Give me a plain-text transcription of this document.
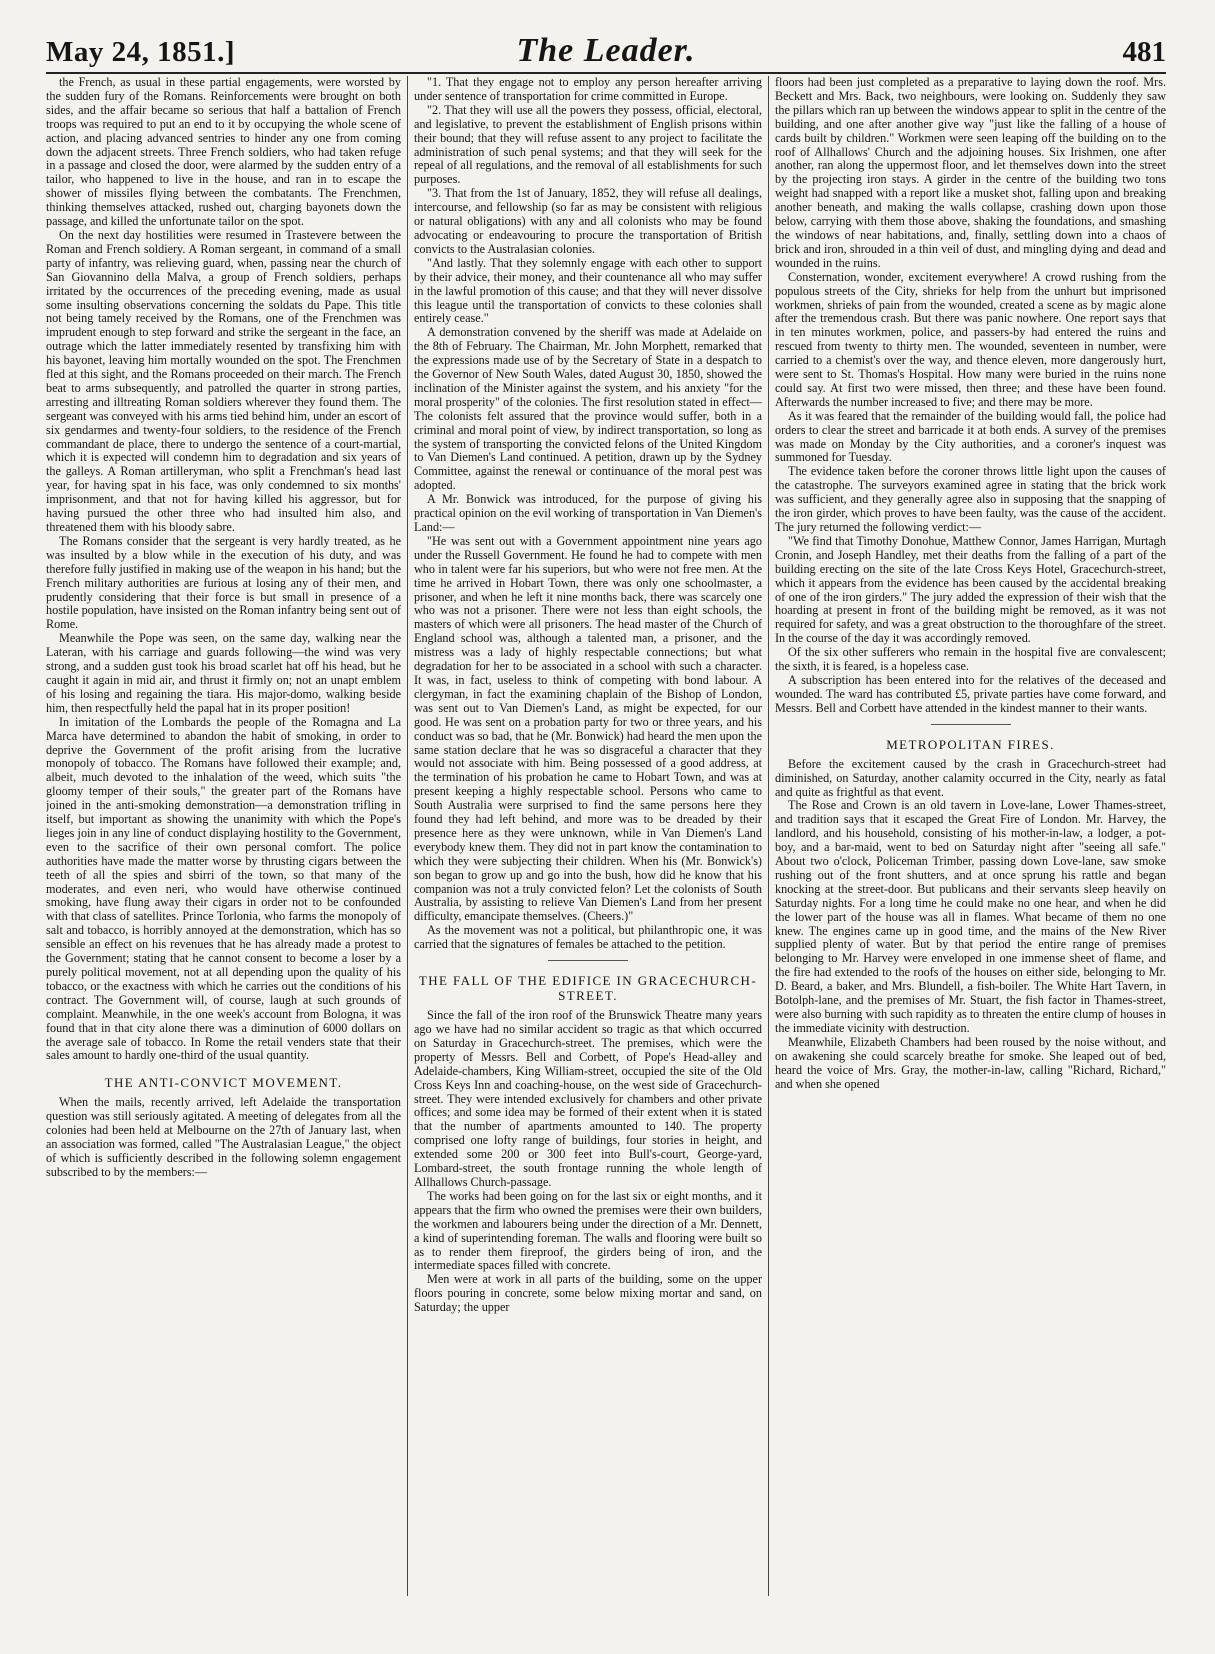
May 24, 1851.]	The Leader.	481

the French, as usual in these partial engagements, were worsted by the sudden fury of the Romans. Reinforcements were brought on both sides, and the affair became so serious that half a battalion of French troops was required to put an end to it by occupying the whole scene of action, and placing advanced sentries to hinder any one from coming down the adjacent streets. Three French soldiers, who had taken refuge in a passage and closed the door, were alarmed by the sudden entry of a tailor, who happened to live in the house, and ran in to escape the shower of missiles flying between the combatants. The Frenchmen, thinking themselves attacked, rushed out, charging bayonets down the passage, and killed the unfortunate tailor on the spot.

On the next day hostilities were resumed in Trastevere between the Roman and French soldiery. A Roman sergeant, in command of a small party of infantry, was relieving guard, when, passing near the church of San Giovannino della Malva, a group of French soldiers, perhaps irritated by the occurrences of the preceding evening, made as usual some insulting observations concerning the soldats du Pape. This title not being tamely received by the Romans, one of the Frenchmen was imprudent enough to step forward and strike the sergeant in the face, an outrage which the latter immediately resented by transfixing him with his bayonet, leaving him mortally wounded on the spot. The Frenchmen fled at this sight, and the Romans proceeded on their march. The French beat to arms subsequently, and patrolled the quarter in strong parties, arresting and illtreating Roman soldiers wherever they found them. The sergeant was conveyed with his arms tied behind him, under an escort of six gendarmes and twenty-four soldiers, to the residence of the French commandant de place, there to undergo the sentence of a court-martial, which it is expected will condemn him to degradation and six years of the galleys. A Roman artilleryman, who split a Frenchman's head last year, for having spat in his face, was only condemned to six months' imprisonment, and that not for having killed his aggressor, but for having pursued the other three who had insulted him also, and threatened them with his bloody sabre.

The Romans consider that the sergeant is very hardly treated, as he was insulted by a blow while in the execution of his duty, and was therefore fully justified in making use of the weapon in his hand; but the French military authorities are furious at losing any of their men, and prudently considering that their force is but small in presence of a hostile population, have insisted on the Roman infantry being sent out of Rome.

Meanwhile the Pope was seen, on the same day, walking near the Lateran, with his carriage and guards following—the wind was very strong, and a sudden gust took his broad scarlet hat off his head, but he caught it again in mid air, and thrust it firmly on; not an unapt emblem of his losing and regaining the tiara. His major-domo, walking beside him, then respectfully held the papal hat in its proper position!

In imitation of the Lombards the people of the Romagna and La Marca have determined to abandon the habit of smoking, in order to deprive the Government of the profit arising from the lucrative monopoly of tobacco. The Romans have followed their example; and, albeit, much devoted to the inhalation of the weed, which suits "the gloomy temper of their souls," the greater part of the Romans have joined in the anti-smoking demonstration—a demonstration trifling in itself, but important as showing the unanimity with which the Pope's lieges join in any line of conduct displaying hostility to the Government, even to the sacrifice of their own personal comfort. The police authorities have made the matter worse by thrusting cigars between the teeth of all the spies and sbirri of the town, so that many of the moderates, and even neri, who would have otherwise continued smoking, have flung away their cigars in order not to be confounded with that class of satellites. Prince Torlonia, who farms the monopoly of salt and tobacco, is horribly annoyed at the demonstration, which has so sensible an effect on his revenues that he has already made a protest to the Government; stating that he cannot consent to become a loser by a purely political movement, not at all depending upon the quality of his tobacco, or the exactness with which he carries out the conditions of his contract. The Government will, of course, laugh at such grounds of complaint. Meanwhile, in the one week's account from Bologna, it was found that in that city alone there was a diminution of 6000 dollars on the average sale of tobacco. In Rome the retail venders state that their sales amount to hardly one-third of the usual quantity.

THE ANTI-CONVICT MOVEMENT.

When the mails, recently arrived, left Adelaide the transportation question was still seriously agitated. A meeting of delegates from all the colonies had been held at Melbourne on the 27th of January last, when an association was formed, called "The Australasian League," the object of which is sufficiently described in the following solemn engagement subscribed to by the members:—

"1. That they engage not to employ any person hereafter arriving under sentence of transportation for crime committed in Europe.

"2. That they will use all the powers they possess, official, electoral, and legislative, to prevent the establishment of English prisons within their bound; that they will refuse assent to any project to facilitate the administration of such penal systems; and that they will seek for the repeal of all regulations, and the removal of all establishments for such purposes.

"3. That from the 1st of January, 1852, they will refuse all dealings, intercourse, and fellowship (so far as may be consistent with religious or natural obligations) with any and all colonists who may be found advocating or endeavouring to procure the transportation of British convicts to the Australasian colonies.

"And lastly. That they solemnly engage with each other to support by their advice, their money, and their countenance all who may suffer in the lawful promotion of this cause; and that they will never dissolve this league until the transportation of convicts to these colonies shall entirely cease."

A demonstration convened by the sheriff was made at Adelaide on the 8th of February. The Chairman, Mr. John Morphett, remarked that the expressions made use of by the Secretary of State in a despatch to the Governor of New South Wales, dated August 30, 1850, showed the inclination of the Minister against the system, and his anxiety "for the moral prosperity" of the colonies. The first resolution stated in effect—The colonists felt assured that the province would suffer, both in a criminal and moral point of view, by indirect transportation, so long as the system of transporting the convicted felons of the United Kingdom to Van Diemen's Land continued. A petition, drawn up by the Sydney Committee, against the renewal or continuance of the moral pest was adopted.

A Mr. Bonwick was introduced, for the purpose of giving his practical opinion on the evil working of transportation in Van Diemen's Land:—

"He was sent out with a Government appointment nine years ago under the Russell Government. He found he had to compete with men who in talent were far his superiors, but who were not free men. At the time he arrived in Hobart Town, there was only one schoolmaster, a prisoner, and when he left it nine months back, there was scarcely one who was not a prisoner. There were not less than eight schools, the masters of which were all prisoners. The head master of the Church of England school was, although a talented man, a prisoner, and the mistress was a lady of highly respectable connections; but what degradation for her to be associated in a school with such a character. It was, in fact, useless to think of competing with bond labour. A clergyman, in fact the examining chaplain of the Bishop of London, was sent out to Van Diemen's Land, as might be expected, for our good. He was sent on a probation party for two or three years, and his conduct was so bad, that he (Mr. Bonwick) had heard the men upon the same station declare that he was so disgraceful a character that they would not associate with him. Being possessed of a good address, at the termination of his probation he came to Hobart Town, and was at present keeping a highly respectable school. Persons who came to South Australia were surprised to find the same persons here they found they had left behind, and more was to be dreaded by their presence here as they were unknown, while in Van Diemen's Land everybody knew them. They did not in part know the contamination to which they were subjecting their children. When his (Mr. Bonwick's) son began to grow up and go into the bush, how did he know that his companion was not a truly convicted felon? Let the colonists of South Australia, by assisting to relieve Van Diemen's Land from her present difficulty, emancipate themselves. (Cheers.)"

As the movement was not a political, but philanthropic one, it was carried that the signatures of females be attached to the petition.

THE FALL OF THE EDIFICE IN GRACECHURCH-STREET.

Since the fall of the iron roof of the Brunswick Theatre many years ago we have had no similar accident so tragic as that which occurred on Saturday in Gracechurch-street. The premises, which were the property of Messrs. Bell and Corbett, of Pope's Head-alley and Adelaide-chambers, King William-street, occupied the site of the Old Cross Keys Inn and coaching-house, on the west side of Gracechurch-street. They were intended exclusively for chambers and other private offices; and some idea may be formed of their extent when it is stated that the number of apartments amounted to 140. The property comprised one lofty range of buildings, four stories in height, and extended some 200 or 300 feet into Bull's-court, George-yard, Lombard-street, the south frontage running the whole length of Allhallows Church-passage.

The works had been going on for the last six or eight months, and it appears that the firm who owned the premises were their own builders, the workmen and labourers being under the direction of a Mr. Dennett, a kind of superintending foreman. The walls and flooring were built so as to render them fireproof, the girders being of iron, and the intermediate spaces filled with concrete.

Men were at work in all parts of the building, some on the upper floors pouring in concrete, some below mixing mortar and sand, on Saturday; the upper

floors had been just completed as a preparative to laying down the roof. Mrs. Beckett and Mrs. Back, two neighbours, were looking on. Suddenly they saw the pillars which ran up between the windows appear to split in the centre of the building, and one after another give way "just like the falling of a house of cards built by children." Workmen were seen leaping off the building on to the roof of Allhallows' Church and the adjoining houses. Six Irishmen, one after another, ran along the uppermost floor, and let themselves down into the street by the projecting iron stays. A girder in the centre of the building two tons weight had snapped with a report like a musket shot, falling upon and breaking another beneath, and making the walls collapse, crashing down upon those below, carrying with them those above, shaking the foundations, and smashing the windows of near habitations, and, finally, settling down into a chaos of brick and iron, shrouded in a thin veil of dust, and mingling dying and dead and wounded in the ruins.

Consternation, wonder, excitement everywhere! A crowd rushing from the populous streets of the City, shrieks for help from the unhurt but imprisoned workmen, shrieks of pain from the wounded, created a scene as by magic alone after the tremendous crash. But there was panic nowhere. One report says that in ten minutes workmen, police, and passers-by had entered the ruins and rescued from twenty to thirty men. The wounded, seventeen in number, were carried to a chemist's over the way, and thence eleven, more dangerously hurt, were sent to St. Thomas's Hospital. How many were buried in the ruins none could say. At first two were missed, then three; and these have been found. Afterwards the number increased to five; and there may be more.

As it was feared that the remainder of the building would fall, the police had orders to clear the street and barricade it at both ends. A survey of the premises was made on Monday by the City authorities, and a coroner's inquest was summoned for Tuesday.

The evidence taken before the coroner throws little light upon the causes of the catastrophe. The surveyors examined agree in stating that the brick work was sufficient, and they generally agree also in supposing that the snapping of the iron girder, which proves to have been faulty, was the cause of the accident. The jury returned the following verdict:—

"We find that Timothy Donohue, Matthew Connor, James Harrigan, Murtagh Cronin, and Joseph Handley, met their deaths from the falling of a part of the building erecting on the site of the late Cross Keys Hotel, Gracechurch-street, which it appears from the evidence has been caused by the accidental breaking of one of the iron girders." The jury added the expression of their wish that the hoarding at present in front of the building might be removed, as it was not required for safety, and was a great obstruction to the thoroughfare of the street. In the course of the day it was accordingly removed.

Of the six other sufferers who remain in the hospital five are convalescent; the sixth, it is feared, is a hopeless case.

A subscription has been entered into for the relatives of the deceased and wounded. The ward has contributed £5, private parties have come forward, and Messrs. Bell and Corbett have attended in the kindest manner to their wants.

METROPOLITAN FIRES.

Before the excitement caused by the crash in Gracechurch-street had diminished, on Saturday, another calamity occurred in the City, nearly as fatal and quite as frightful as that event.

The Rose and Crown is an old tavern in Love-lane, Lower Thames-street, and tradition says that it escaped the Great Fire of London. Mr. Harvey, the landlord, and his household, consisting of his mother-in-law, a lodger, a pot-boy, and a bar-maid, went to bed on Saturday night after "seeing all safe." About two o'clock, Policeman Trimber, passing down Love-lane, saw smoke rushing out of the front shutters, and at once sprung his rattle and began knocking at the street-door. But publicans and their servants sleep heavily on Saturday nights. For a long time he could make no one hear, and when he did the lower part of the house was all in flames. What became of them no one knew. The engines came up in good time, and the mains of the New River supplied plenty of water. But by that period the entire range of premises belonging to Mr. Harvey were enveloped in one immense sheet of flame, and the fire had extended to the roofs of the houses on either side, belonging to Mr. D. Beard, a baker, and Mrs. Blundell, a fish-boiler. The White Hart Tavern, in Botolph-lane, and the premises of Mr. Stuart, the fish factor in Thames-street, were also burning with such rapidity as to threaten the entire clump of houses in the immediate vicinity with destruction.

Meanwhile, Elizabeth Chambers had been roused by the noise without, and on awakening she could scarcely breathe for smoke. She leaped out of bed, heard the voice of Mrs. Gray, the mother-in-law, calling "Richard, Richard," and when she opened
